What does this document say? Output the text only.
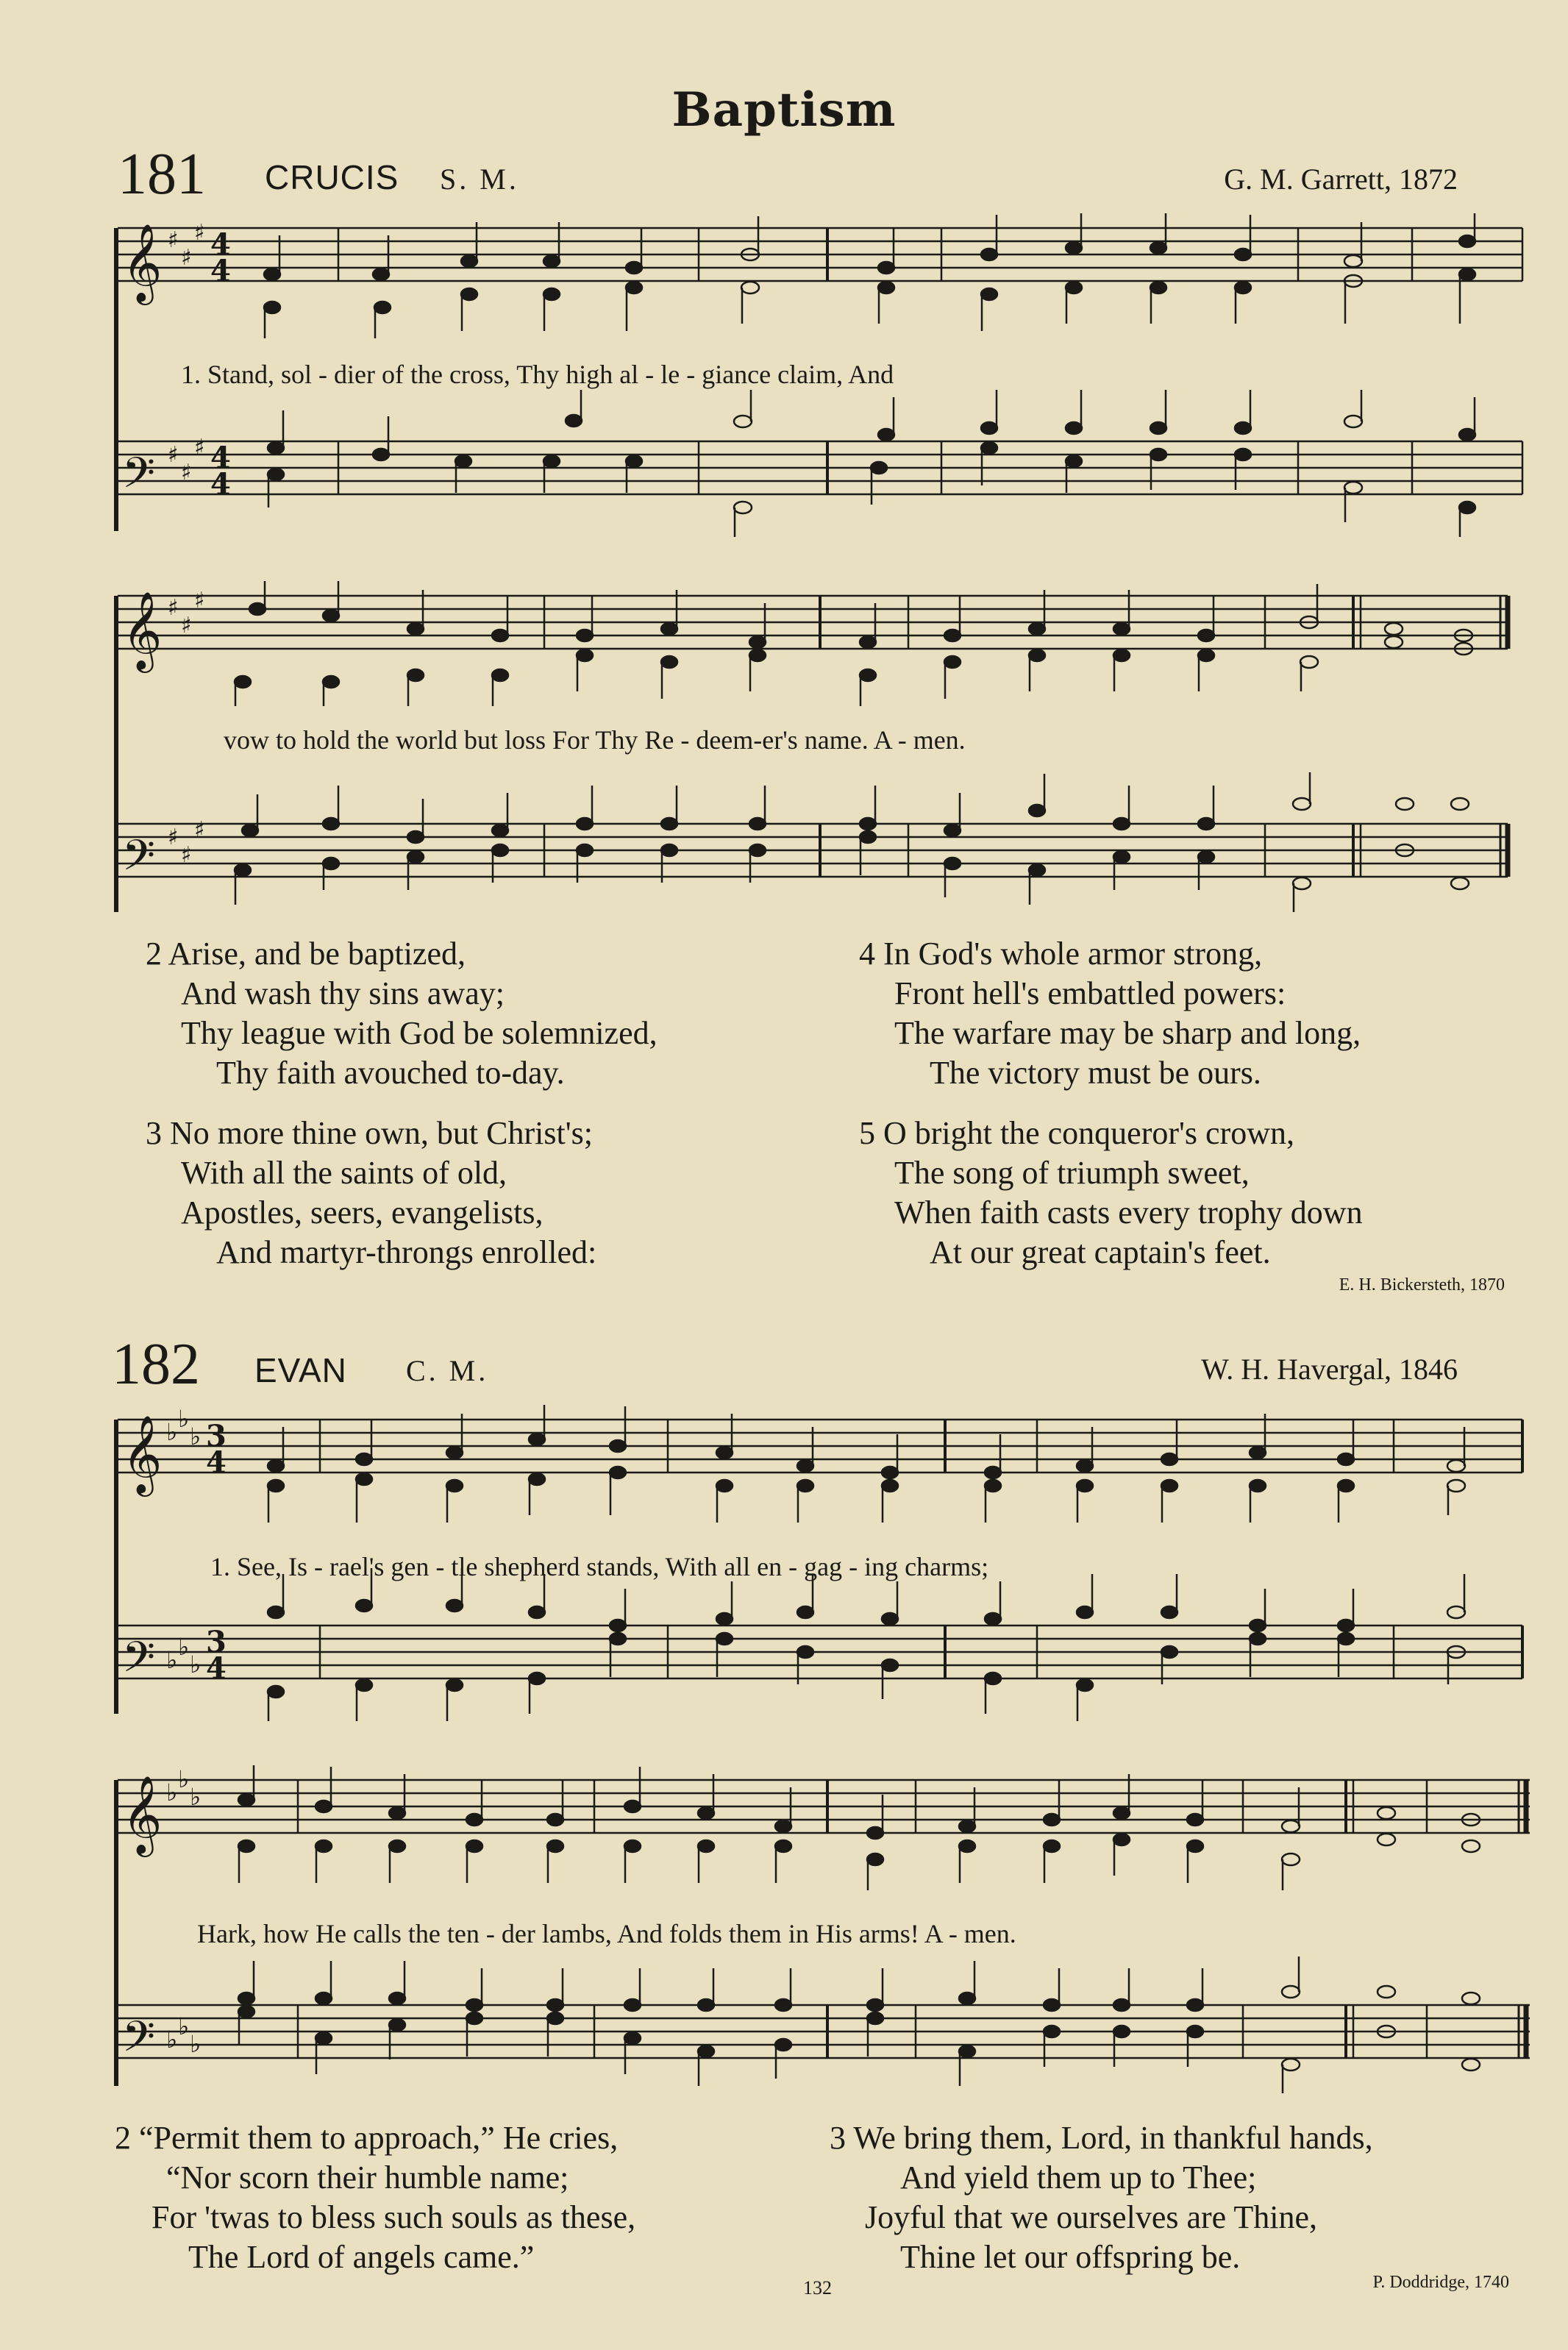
Baptism
181 CRUCIS S. M.	G. M. Garrett, 1872
𝄞
𝄢
♯
♯
♯
♯
♯
♯
4
4
4
4
1. Stand, sol - dier of the cross, Thy high al - le - giance claim, And
𝄞
𝄢
♯
♯
♯
♯
♯
♯
vow to hold the world but loss For Thy Re - deem-er's name. A - men.
2 Arise, and be baptized,
And wash thy sins away;
Thy league with God be solemnized,
Thy faith avouched to-day.
3 No more thine own, but Christ's;
With all the saints of old,
Apostles, seers, evangelists,
And martyr-throngs enrolled:
4 In God's whole armor strong,
Front hell's embattled powers:
The warfare may be sharp and long,
The victory must be ours.
5 O bright the conqueror's crown,
The song of triumph sweet,
When faith casts every trophy down
At our great captain's feet.
E. H. Bickersteth, 1870
182 EVAN C. M.	W. H. Havergal, 1846
𝄞
𝄢
♭ ♭
♭
♭ ♭
♭
3
4
3
4
1. See, Is - rael's gen - tle shepherd stands, With all en - gag - ing charms;
𝄞
𝄢
♭ ♭
♭
♭ ♭
♭
Hark, how He calls the ten - der lambs, And folds them in His arms! A - men.
2 “Permit them to approach,” He cries,
“Nor scorn their humble name;
For 'twas to bless such souls as these,
The Lord of angels came.”
3 We bring them, Lord, in thankful hands,
And yield them up to Thee;
Joyful that we ourselves are Thine,
Thine let our offspring be.
P. Doddridge, 1740
132
